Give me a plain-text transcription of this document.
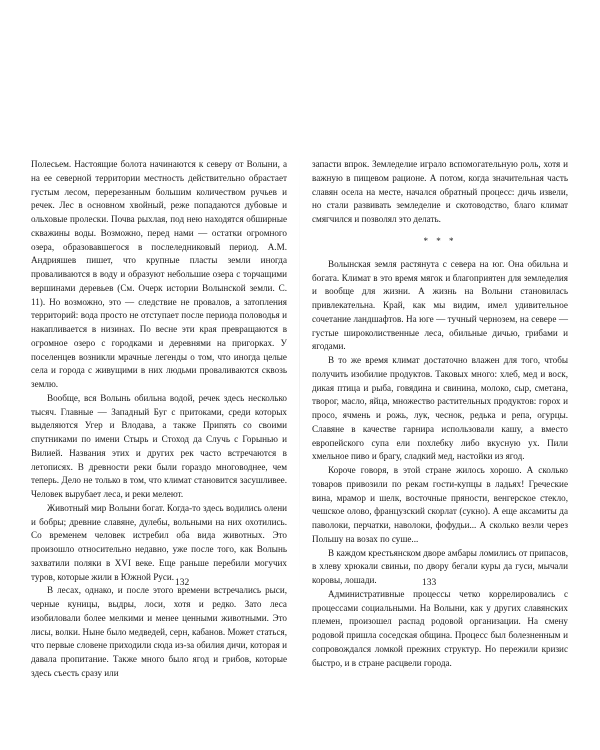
Полесьем. Настоящие болота начинаются к северу от Волыни, а на ее северной территории местность действительно обрастает густым лесом, перерезанным большим количеством ручьев и речек. Лес в основном хвойный, реже попадаются дубовые и ольховые пролески. Почва рыхлая, под нею находятся обширные скважины воды. Возможно, перед нами — остатки огромного озера, образовавшегося в послеледниковый период. А.М. Андрияшев пишет, что крупные пласты земли иногда проваливаются в воду и образуют небольшие озера с торчащими вершинами деревьев (См. Очерк истории Волынской земли. С. 11). Но возможно, это — следствие не провалов, а затопления территорий: вода просто не отступает после периода половодья и накапливается в низинах. По весне эти края превращаются в огромное озеро с городками и деревнями на пригорках. У поселенцев возникли мрачные легенды о том, что иногда целые села и города с живущими в них людьми проваливаются сквозь землю.

Вообще, вся Волынь обильна водой, речек здесь несколько тысяч. Главные — Западный Буг с притоками, среди которых выделяются Угер и Влодава, а также Припять со своими спутниками по имени Стырь и Стоход да Случь с Горынью и Вилией. Названия этих и других рек часто встречаются в летописях. В древности реки были гораздо многоводнее, чем теперь. Дело не только в том, что климат становится засушливее. Человек вырубает леса, и реки мелеют.

Животный мир Волыни богат. Когда-то здесь водились олени и бобры; древние славяне, дулебы, вольными на них охотились. Со временем человек истребил оба вида животных. Это произошло относительно недавно, уже после того, как Волынь захватили поляки в XVI веке. Еще раньше перебили могучих туров, которые жили в Южной Руси.

В лесах, однако, и после этого времени встречались рыси, черные куницы, выдры, лоси, хотя и редко. Зато леса изобиловали более мелкими и менее ценными животными. Это лисы, волки. Ныне было медведей, серн, кабанов. Может статься, что первые словене приходили сюда из-за обилия дичи, которая и давала пропитание. Также много было ягод и грибов, которые здесь съесть сразу или

132

запасти впрок. Земледелие играло вспомогательную роль, хотя и важную в пищевом рационе. А потом, когда значительная часть славян осела на месте, начался обратный процесс: дичь извели, но стали развивать земледелие и скотоводство, благо климат смягчился и позволял это делать.

* * *

Волынская земля растянута с севера на юг. Она обильна и богата. Климат в это время мягок и благоприятен для земледелия и вообще для жизни. А жизнь на Волыни становилась привлекательна. Край, как мы видим, имел удивительное сочетание ландшафтов. На юге — тучный чернозем, на севере — густые широколиственные леса, обильные дичью, грибами и ягодами.

В то же время климат достаточно влажен для того, чтобы получить изобилие продуктов. Таковых много: хлеб, мед и воск, дикая птица и рыба, говядина и свинина, молоко, сыр, сметана, творог, масло, яйца, множество растительных продуктов: горох и просо, ячмень и рожь, лук, чеснок, редька и репа, огурцы. Славяне в качестве гарнира использовали кашу, а вместо европейского супа ели похлебку либо вкусную ух. Пили хмельное пиво и брагу, сладкий мед, настойки из ягод.

Короче говоря, в этой стране жилось хорошо. А сколько товаров привозили по рекам гости-купцы в ладьях! Греческие вина, мрамор и шелк, восточные пряности, венгерское стекло, чешское олово, французский скорлат (сукно). А еще аксамиты да паволоки, перчатки, наволоки, фофудьи... А сколько везли через Польшу на возах по суше...

В каждом крестьянском дворе амбары ломились от припасов, в хлеву хрюкали свиньи, по двору бегали куры да гуси, мычали коровы, лошади.

Административные процессы четко коррелировались с процессами социальными. На Волыни, как у других славянских племен, произошел распад родовой организации. На смену родовой пришла соседская община. Процесс был болезненным и сопровождался ломкой прежних структур. Но пережили кризис быстро, и в стране расцвели города.

133
